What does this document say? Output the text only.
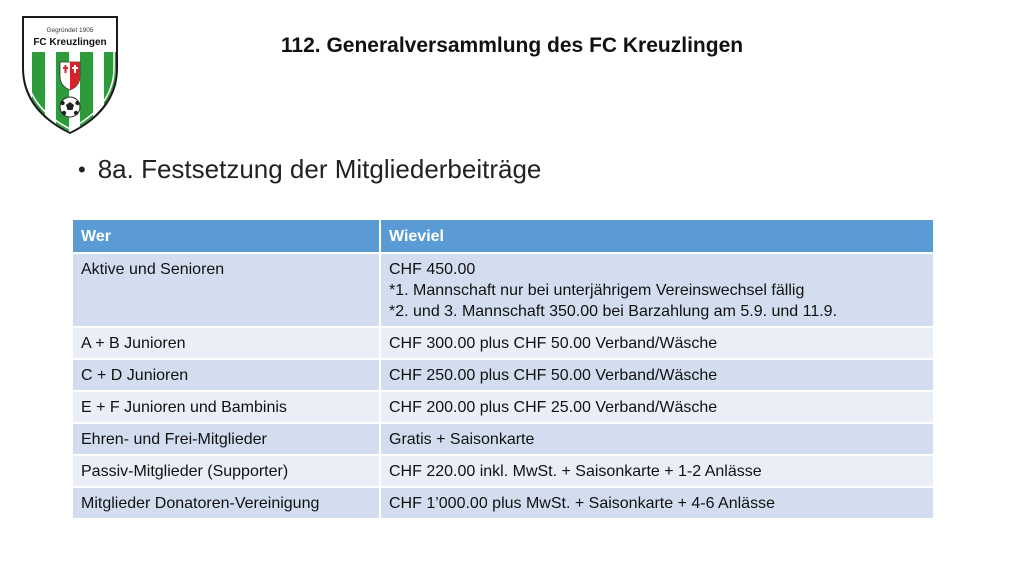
Gegründet 1905
FC Kreuzlingen	112. Generalversammlung des FC Kreuzlingen
• 8a. Festsetzung der Mitgliederbeiträge
Wer	Wieviel
Aktive und Senioren	CHF 450.00
*1. Mannschaft nur bei unterjährigem Vereinswechsel fällig
*2. und 3. Mannschaft 350.00 bei Barzahlung am 5.9. und 11.9.

A + B Junioren	CHF 300.00 plus CHF 50.00 Verband/Wäsche
C + D Junioren	CHF 250.00 plus CHF 50.00 Verband/Wäsche
E + F Junioren und Bambinis	CHF 200.00 plus CHF 25.00 Verband/Wäsche
Ehren- und Frei-Mitglieder	Gratis + Saisonkarte
Passiv-Mitglieder (Supporter)	CHF 220.00 inkl. MwSt. + Saisonkarte + 1-2 Anlässe
Mitglieder Donatoren-Vereinigung	CHF 1’000.00 plus MwSt. + Saisonkarte + 4-6 Anlässe
